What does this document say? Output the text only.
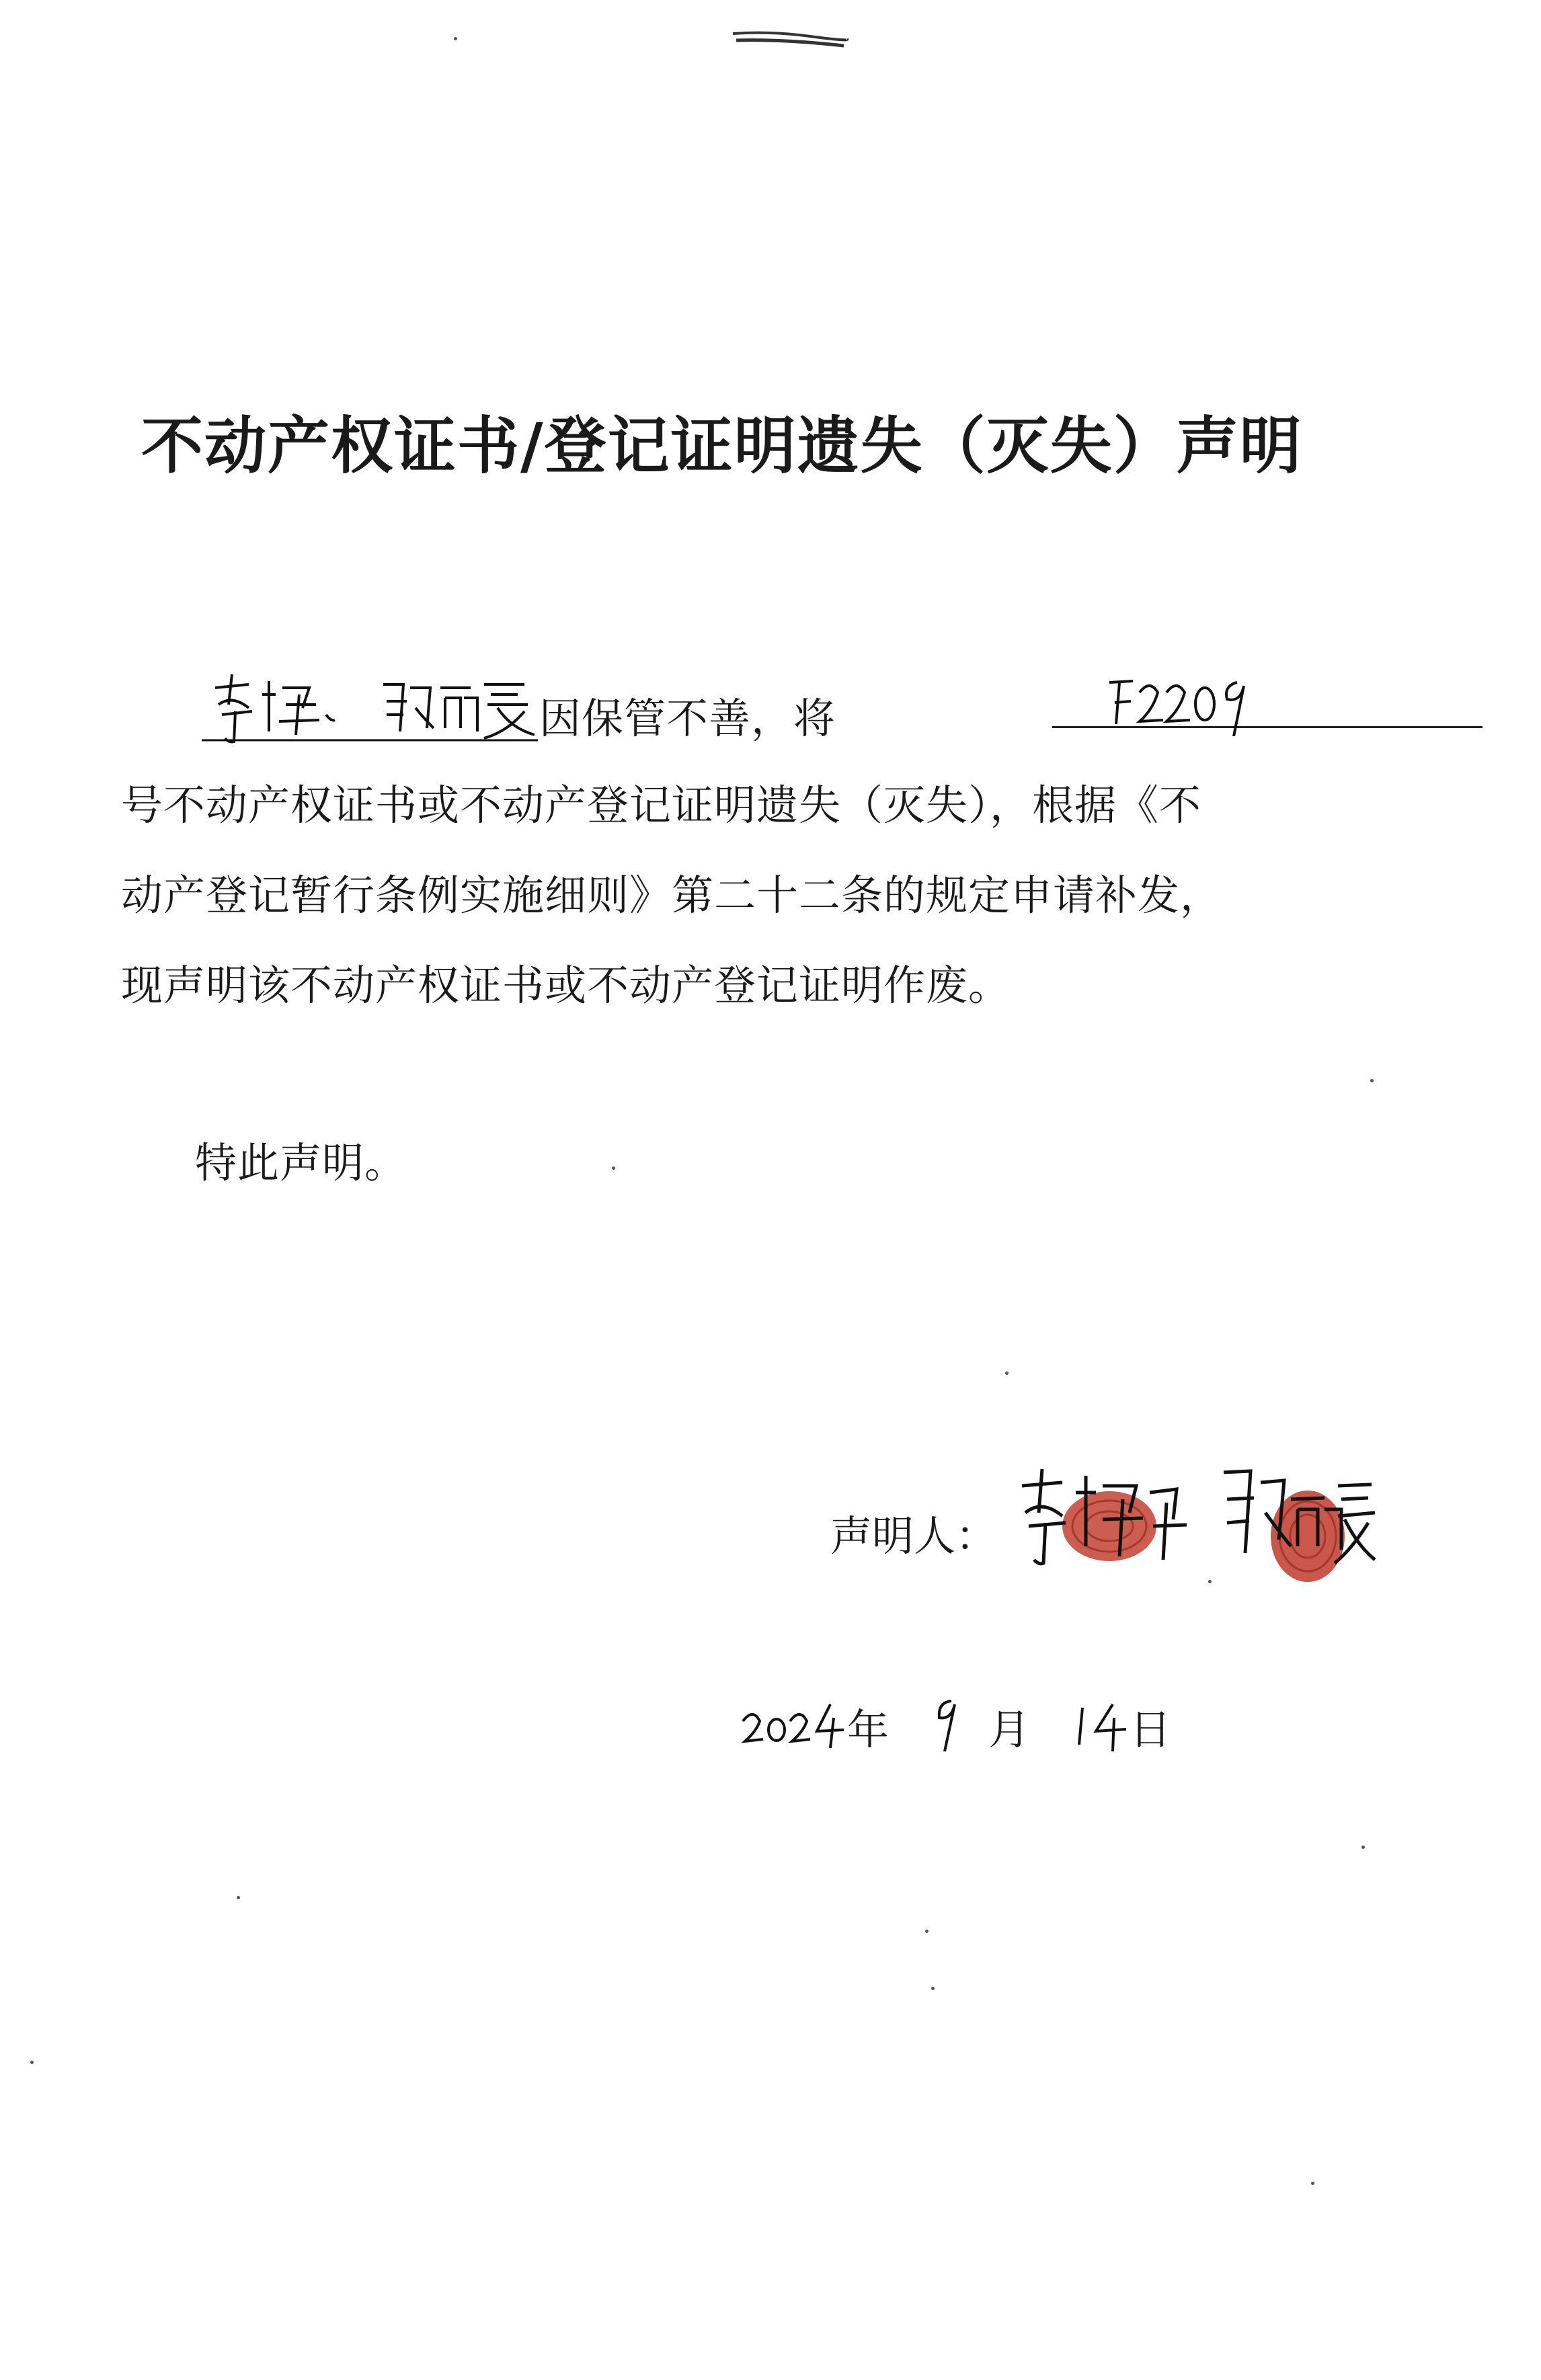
不动产权证书/登记证明遗失（灭失）声明
因保管不善，将
号不动产权证书或不动产登记证明遗失（灭失），根据《不
动产登记暂行条例实施细则》第二十二条的规定申请补发，
现声明该不动产权证书或不动产登记证明作废。
特此声明。
声明人：
年 月 日
